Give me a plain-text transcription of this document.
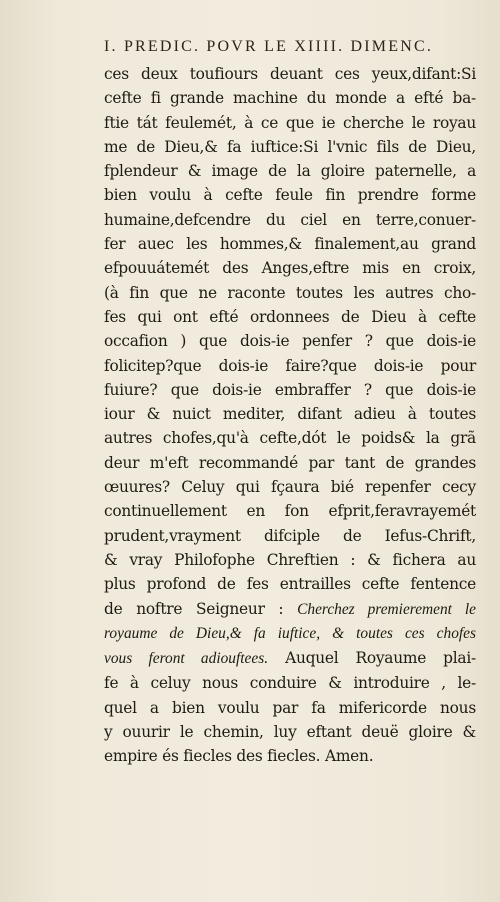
I. PREDIC. POVR LE XIIII. DIMENC.
ces deux toufiours deuant ces yeux,difant:Si
cefte fi grande machine du monde a efté ba-
ftie tát feulemét, à ce que ie cherche le royau
me de Dieu,& fa iuftice:Si l'vnic fils de Dieu,
fplendeur & image de la gloire paternelle, a
bien voulu à cefte feule fin prendre forme
humaine,defcendre du ciel en terre,conuer-
fer auec les hommes,& finalement,au grand
efpouuátemét des Anges,eftre mis en croix,
(à fin que ne raconte toutes les autres cho-
fes qui ont efté ordonnees de Dieu à cefte
occafion ) que dois-ie penfer ? que dois-ie
folicitер?que dois-ie faire?que dois-ie pour
fuiure? que dois-ie embraffer ? que dois-ie
iour & nuict mediter, difant adieu à toutes
autres chofes,qu'à cefte,dót le poids& la grã
deur m'eft recommandé par tant de grandes
œuures? Celuy qui fçaura bié repenfer cecy
continuellement en fon efprit,feravrayemét
prudent,vrayment difciple de Iefus-Chrift,
& vray Philofophe Chreftien : & fichera au
plus profond de fes entrailles cefte fentence
de noftre Seigneur : Cherchez premierement le
royaume de Dieu,& fa iuftice, & toutes ces chofes
vous feront adiouftees. Auquel Royaume plai-
fe à celuy nous conduire & introduire , le-
quel a bien voulu par fa mifericorde nous
y ouurir le chemin, luy eftant deuë gloire &
empire és fiecles des fiecles. Amen.
